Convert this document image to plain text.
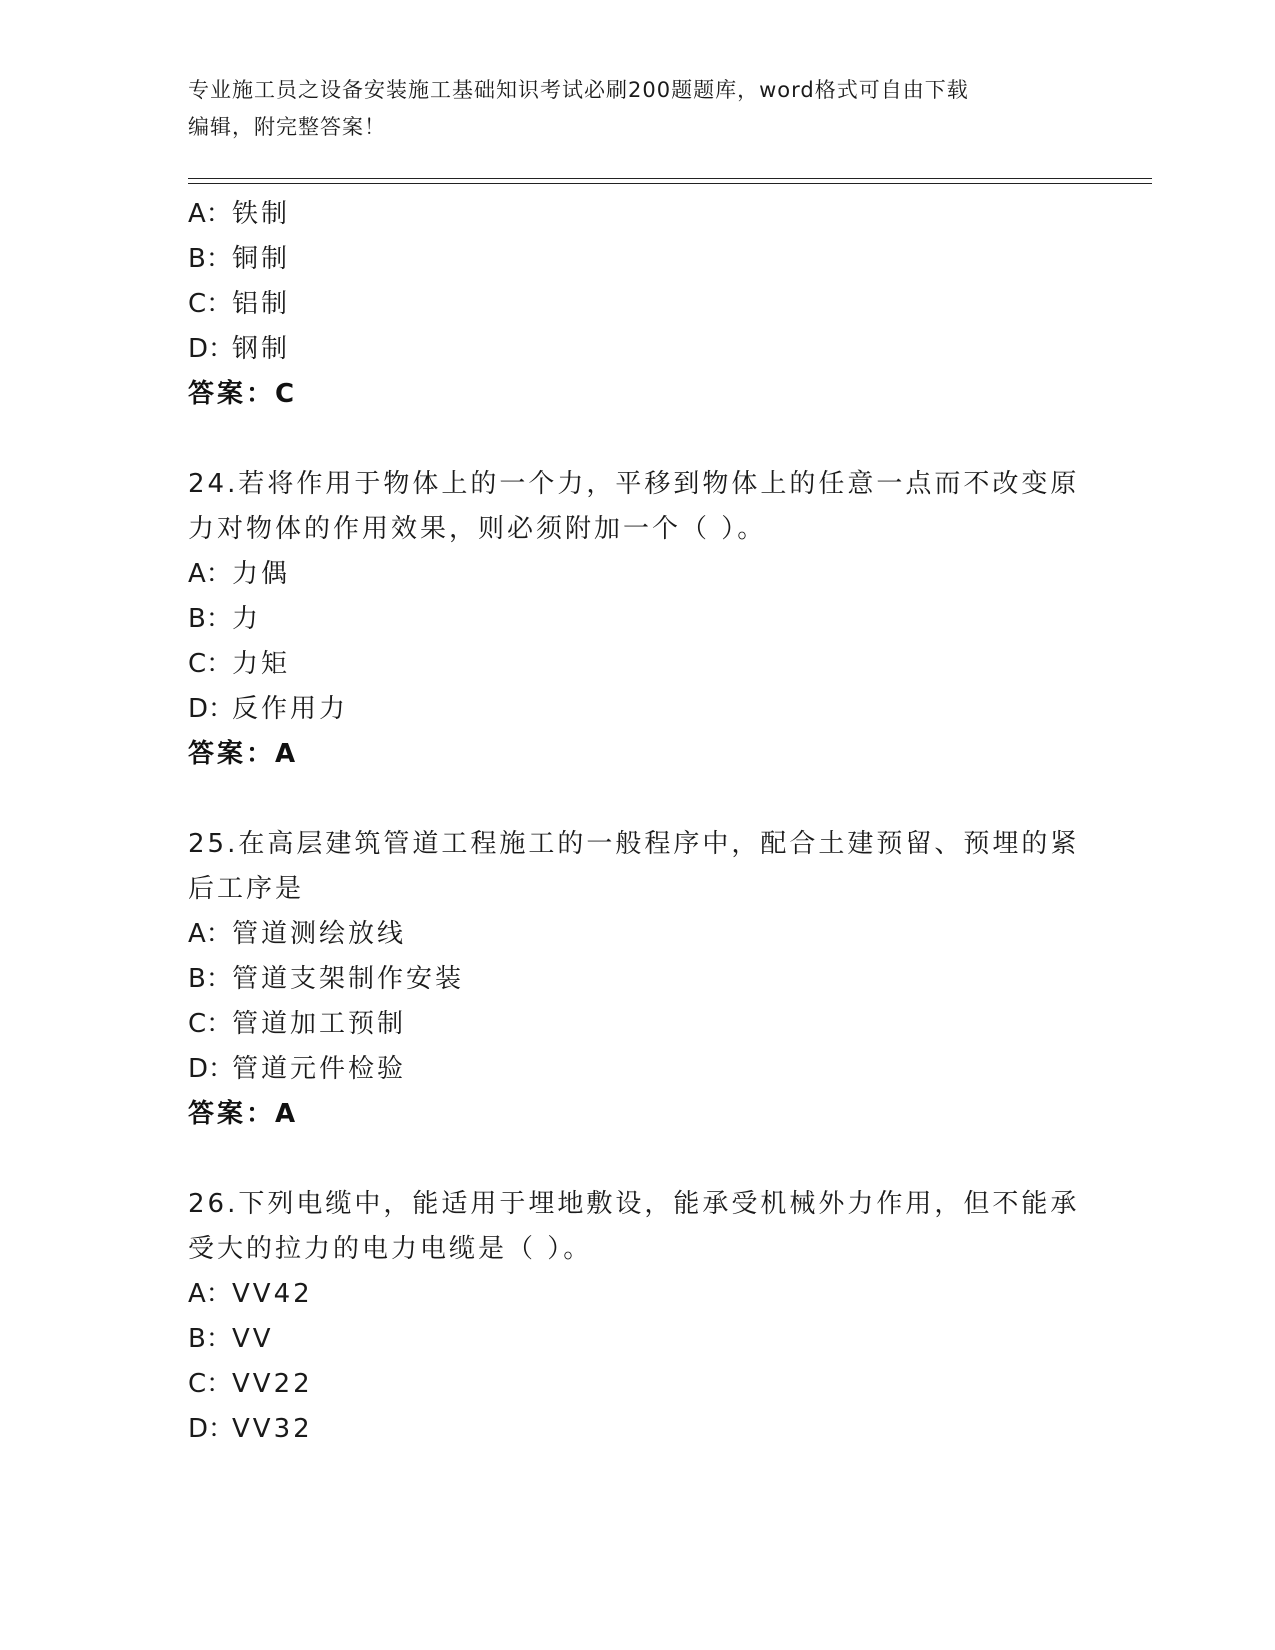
专业施工员之设备安装施工基础知识考试必刷200题题库，word格式可自由下载
编辑，附完整答案！
A：铁制
B：铜制
C：铝制
D：钢制
答案：C
24.若将作用于物体上的一个力，平移到物体上的任意一点而不改变原
力对物体的作用效果，则必须附加一个（ ）。
A：力偶
B：力
C：力矩
D：反作用力
答案：A
25.在高层建筑管道工程施工的一般程序中，配合土建预留、预埋的紧
后工序是
A：管道测绘放线
B：管道支架制作安装
C：管道加工预制
D：管道元件检验
答案：A
26.下列电缆中，能适用于埋地敷设，能承受机械外力作用，但不能承
受大的拉力的电力电缆是（ ）。
A：VV42
B：VV
C：VV22
D：VV32
